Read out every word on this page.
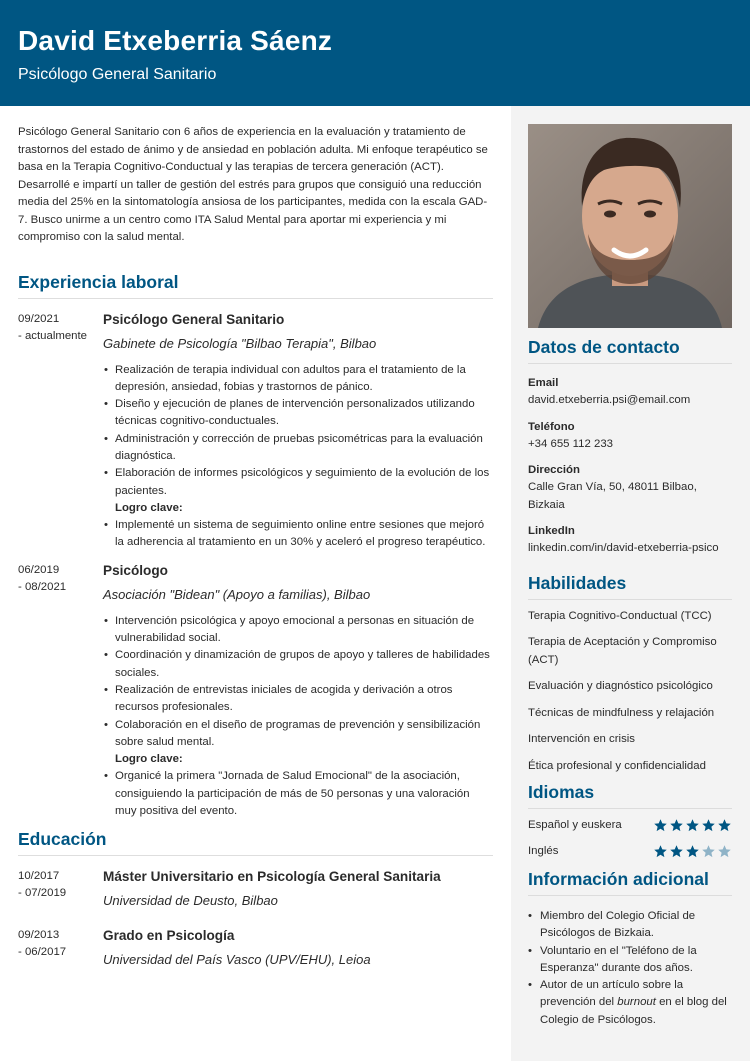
David Etxeberria Sáenz
Psicólogo General Sanitario

Psicólogo General Sanitario con 6 años de experiencia en la evaluación y tratamiento de trastornos del estado de ánimo y de ansiedad en población adulta. Mi enfoque terapéutico se basa en la Terapia Cognitivo-Conductual y las terapias de tercera generación (ACT). Desarrollé e impartí un taller de gestión del estrés para grupos que consiguió una reducción media del 25% en la sintomatología ansiosa de los participantes, medida con la escala GAD-7. Busco unirme a un centro como ITA Salud Mental para aportar mi experiencia y mi compromiso con la salud mental.

Experiencia laboral
09/2021
- actualmente
Psicólogo General Sanitario
Gabinete de Psicología "Bilbao Terapia", Bilbao
• Realización de terapia individual con adultos para el tratamiento de la depresión, ansiedad, fobias y trastornos de pánico.
• Diseño y ejecución de planes de intervención personalizados utilizando técnicas cognitivo-conductuales.
• Administración y corrección de pruebas psicométricas para la evaluación diagnóstica.
• Elaboración de informes psicológicos y seguimiento de la evolución de los pacientes.
Logro clave:
• Implementé un sistema de seguimiento online entre sesiones que mejoró la adherencia al tratamiento en un 30% y aceleró el progreso terapéutico.
06/2019
- 08/2021
Psicólogo
Asociación "Bidean" (Apoyo a familias), Bilbao
• Intervención psicológica y apoyo emocional a personas en situación de vulnerabilidad social.
• Coordinación y dinamización de grupos de apoyo y talleres de habilidades sociales.
• Realización de entrevistas iniciales de acogida y derivación a otros recursos profesionales.
• Colaboración en el diseño de programas de prevención y sensibilización sobre salud mental.
Logro clave:
• Organicé la primera "Jornada de Salud Emocional" de la asociación, consiguiendo la participación de más de 50 personas y una valoración muy positiva del evento.
Educación
10/2017
- 07/2019
Máster Universitario en Psicología General Sanitaria
Universidad de Deusto, Bilbao
09/2013
- 06/2017
Grado en Psicología
Universidad del País Vasco (UPV/EHU), Leioa
Datos de contacto
Email
david.etxeberria.psi@email.com
Teléfono
+34 655 112 233
Dirección
Calle Gran Vía, 50, 48011 Bilbao,
Bizkaia
LinkedIn
linkedin.com/in/david-etxeberria-psico
Habilidades
Terapia Cognitivo-Conductual (TCC)
Terapia de Aceptación y Compromiso (ACT)
Evaluación y diagnóstico psicológico
Técnicas de mindfulness y relajación
Intervención en crisis
Ética profesional y confidencialidad
Idiomas
Español y euskera
Inglés
Información adicional
• Miembro del Colegio Oficial de Psicólogos de Bizkaia.
• Voluntario en el "Teléfono de la Esperanza" durante dos años.
• Autor de un artículo sobre la prevención del burnout en el blog del Colegio de Psicólogos.
